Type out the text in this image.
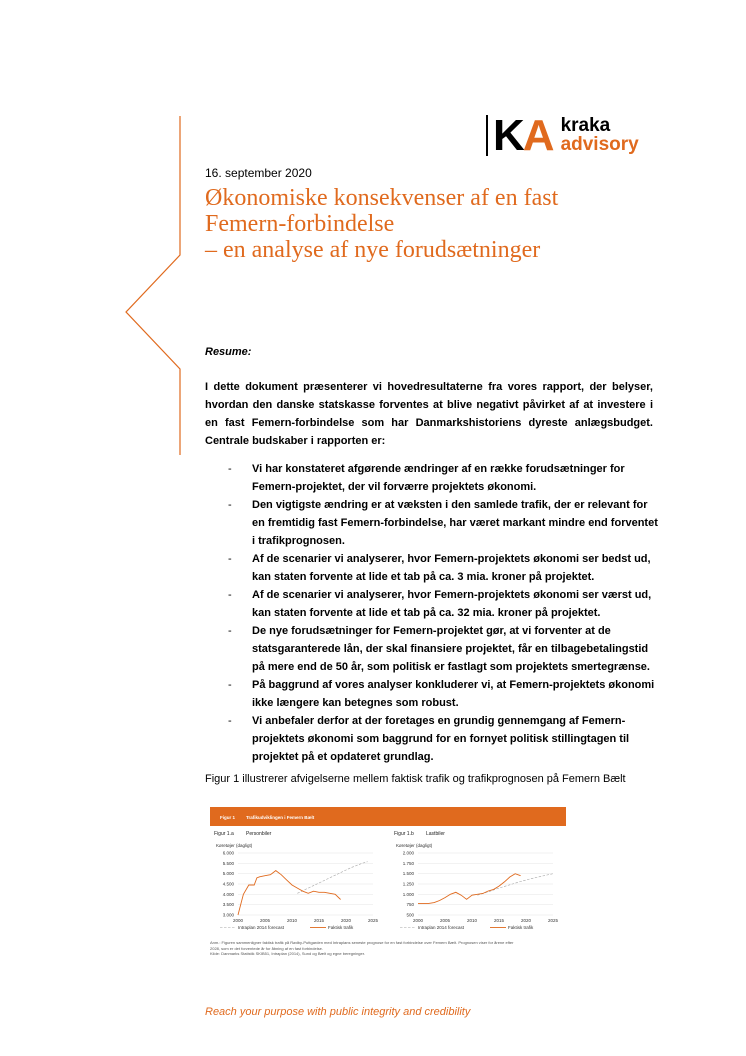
K A kraka
advisory
16. september 2020
Økonomiske konsekvenser af en fast
Femern-forbindelse
– en analyse af nye forudsætninger
Resume:
I dette dokument præsenterer vi hovedresultaterne fra vores rapport, der belyser, hvordan den danske statskasse forventes at blive negativt påvirket af at investere i en fast Femern-forbindelse som har Danmarkshistoriens dyreste anlægsbudget. Centrale budskaber i rapporten er:
- Vi har konstateret afgørende ændringer af en række forudsætninger for Femern-projektet, der vil forværre projektets økonomi.
- Den vigtigste ændring er at væksten i den samlede trafik, der er relevant for en fremtidig fast Femern-forbindelse, har været markant mindre end forventet i trafikprognosen.
- Af de scenarier vi analyserer, hvor Femern-projektets økonomi ser bedst ud, kan staten forvente at lide et tab på ca. 3 mia. kroner på projektet.
- Af de scenarier vi analyserer, hvor Femern-projektets økonomi ser værst ud, kan staten forvente at lide et tab på ca. 32 mia. kroner på projektet.
- De nye forudsætninger for Femern-projektet gør, at vi forventer at de statsgaranterede lån, der skal finansiere projektet, får en tilbagebetalingstid på mere end de 50 år, som politisk er fastlagt som projektets smertegrænse.
- På baggrund af vores analyser konkluderer vi, at Femern-projektets økonomi ikke længere kan betegnes som robust.
- Vi anbefaler derfor at der foretages en grundig gennemgang af Femern-projektets økonomi som baggrund for en fornyet politisk stillingtagen til projektet på et opdateret grundlag.
Figur 1 illustrerer afvigelserne mellem faktisk trafik og trafikprognosen på Femern Bælt
Figur 1 Trafikudviklingen i Femern Bælt
Figur 1.a Personbiler	Figur 1.b Lastbiler
Køretøjer (dagligt)
3.000
3.500
4.000
4.500
5.000
5.500
6.000
2000	2005	2010	2015	2020	2025
Intraplan 2014 forecast	Faktisk trafik
Køretøjer (dagligt)
500
750
1.000
1.250
1.500
1.750
2.000
2000	2005	2010	2015	2020	2025
Intraplan 2014 forecast	Faktisk trafik
Anm.: Figuren sammenligner faktisk trafik på Rødby-Puttgarden med Intraplans seneste prognose for en fast forbindelse over Femern Bælt. Prognosen viser for årene efter
2028, som er det forventede år for åbning af en fast forbindelse.
Kilde: Danmarks Statistik SKIB51, Intraplan (2014), Sund og Bælt og egne beregninger.
Reach your purpose with public integrity and credibility
